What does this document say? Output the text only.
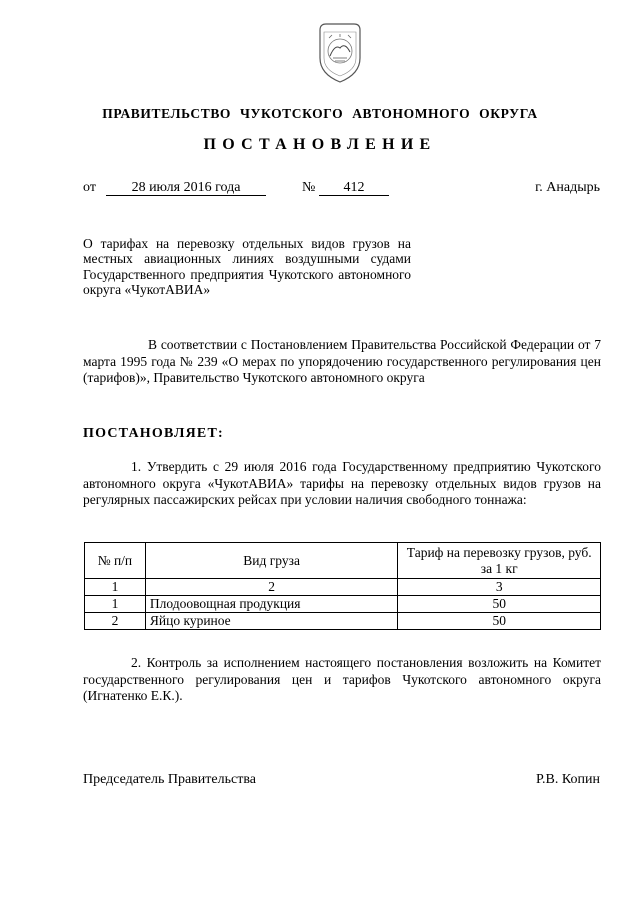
ПРАВИТЕЛЬСТВО ЧУКОТСКОГО АВТОНОМНОГО ОКРУГА
ПОСТАНОВЛЕНИЕ
от	28 июля 2016 года	№	412	г. Анадырь
О тарифах на перевозку отдельных видов грузов на местных авиационных линиях воздушными судами Государственного предприятия Чукотского автономного округа «ЧукотАВИА»
В соответствии с Постановлением Правительства Российской Федерации от 7 марта 1995 года № 239 «О мерах по упорядочению государственного регулирования цен (тарифов)», Правительство Чукотского автономного округа
ПОСТАНОВЛЯЕТ:
1. Утвердить с 29 июля 2016 года Государственному предприятию Чукотского автономного округа «ЧукотАВИА» тарифы на перевозку отдельных видов грузов на регулярных пассажирских рейсах при условии наличия свободного тоннажа:
№ п/п	Вид груза	Тариф на перевозку грузов, руб. за 1 кг
1	2	3
1	Плодоовощная продукция	50
2	Яйцо куриное	50
2. Контроль за исполнением настоящего постановления возложить на Комитет государственного регулирования цен и тарифов Чукотского автономного округа (Игнатенко Е.К.).
Председатель Правительства	Р.В. Копин
